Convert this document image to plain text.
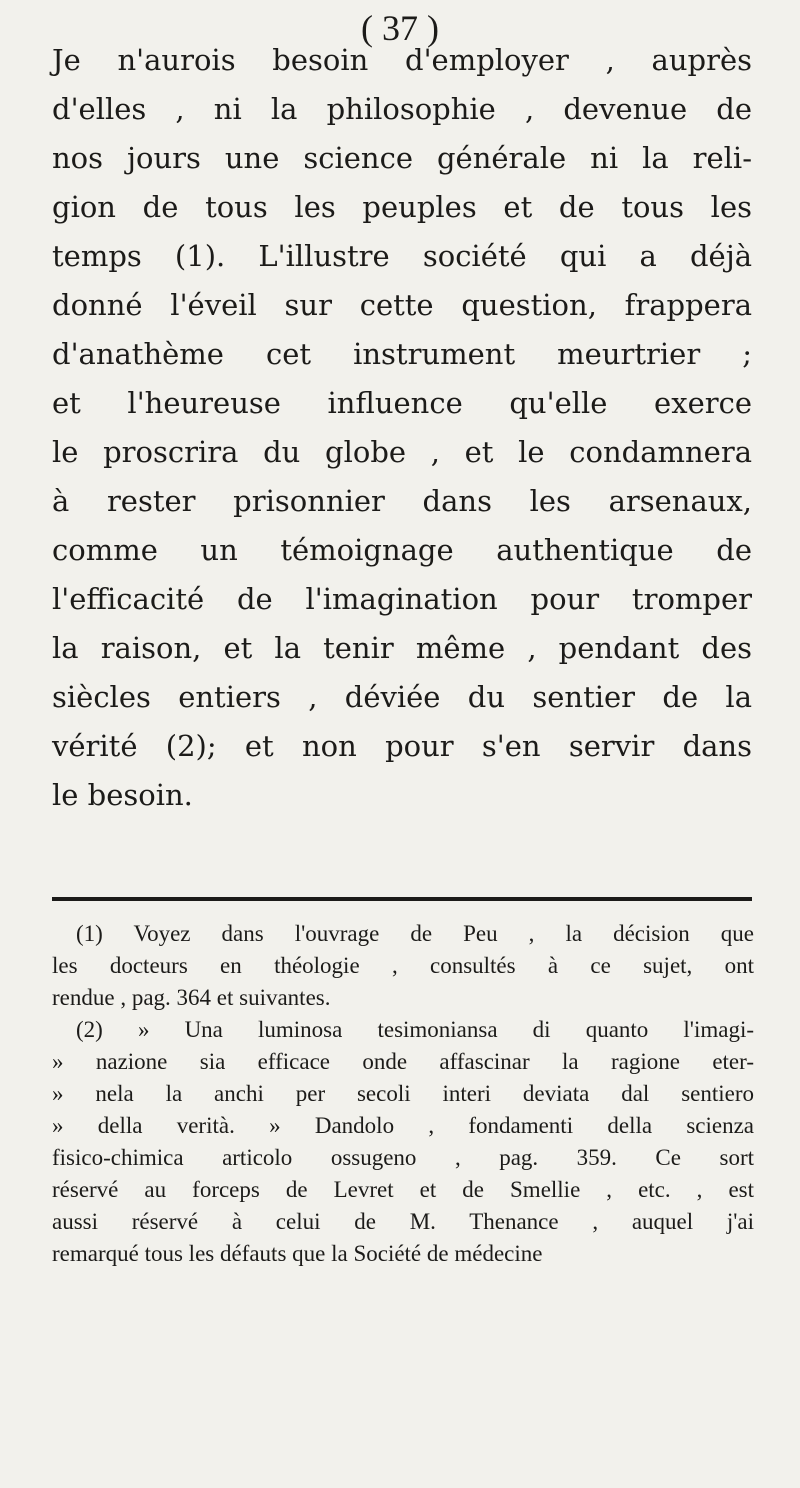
( 37 )
Je n'aurois besoin d'employer , auprès
d'elles , ni la philosophie , devenue de
nos jours une science générale ni la reli-
gion de tous les peuples et de tous les
temps (1). L'illustre société qui a déjà
donné l'éveil sur cette question, frappera
d'anathème cet instrument meurtrier ;
et l'heureuse influence qu'elle exerce
le proscrira du globe , et le condamnera
à rester prisonnier dans les arsenaux,
comme un témoignage authentique de
l'efficacité de l'imagination pour tromper
la raison, et la tenir même , pendant des
siècles entiers , déviée du sentier de la
vérité (2); et non pour s'en servir dans
le besoin.
(1) Voyez dans l'ouvrage de Peu , la décision que
les docteurs en théologie , consultés à ce sujet, ont
rendue , pag. 364 et suivantes.
(2) » Una luminosa tesimoniansa di quanto l'imagi-
» nazione sia efficace onde affascinar la ragione eter-
» nela la anchi per secoli interi deviata dal sentiero
» della verità. » Dandolo , fondamenti della scienza
fisico-chimica articolo ossugeno , pag. 359. Ce sort
réservé au forceps de Levret et de Smellie , etc. , est
aussi réservé à celui de M. Thenance , auquel j'ai
remarqué tous les défauts que la Société de médecine
